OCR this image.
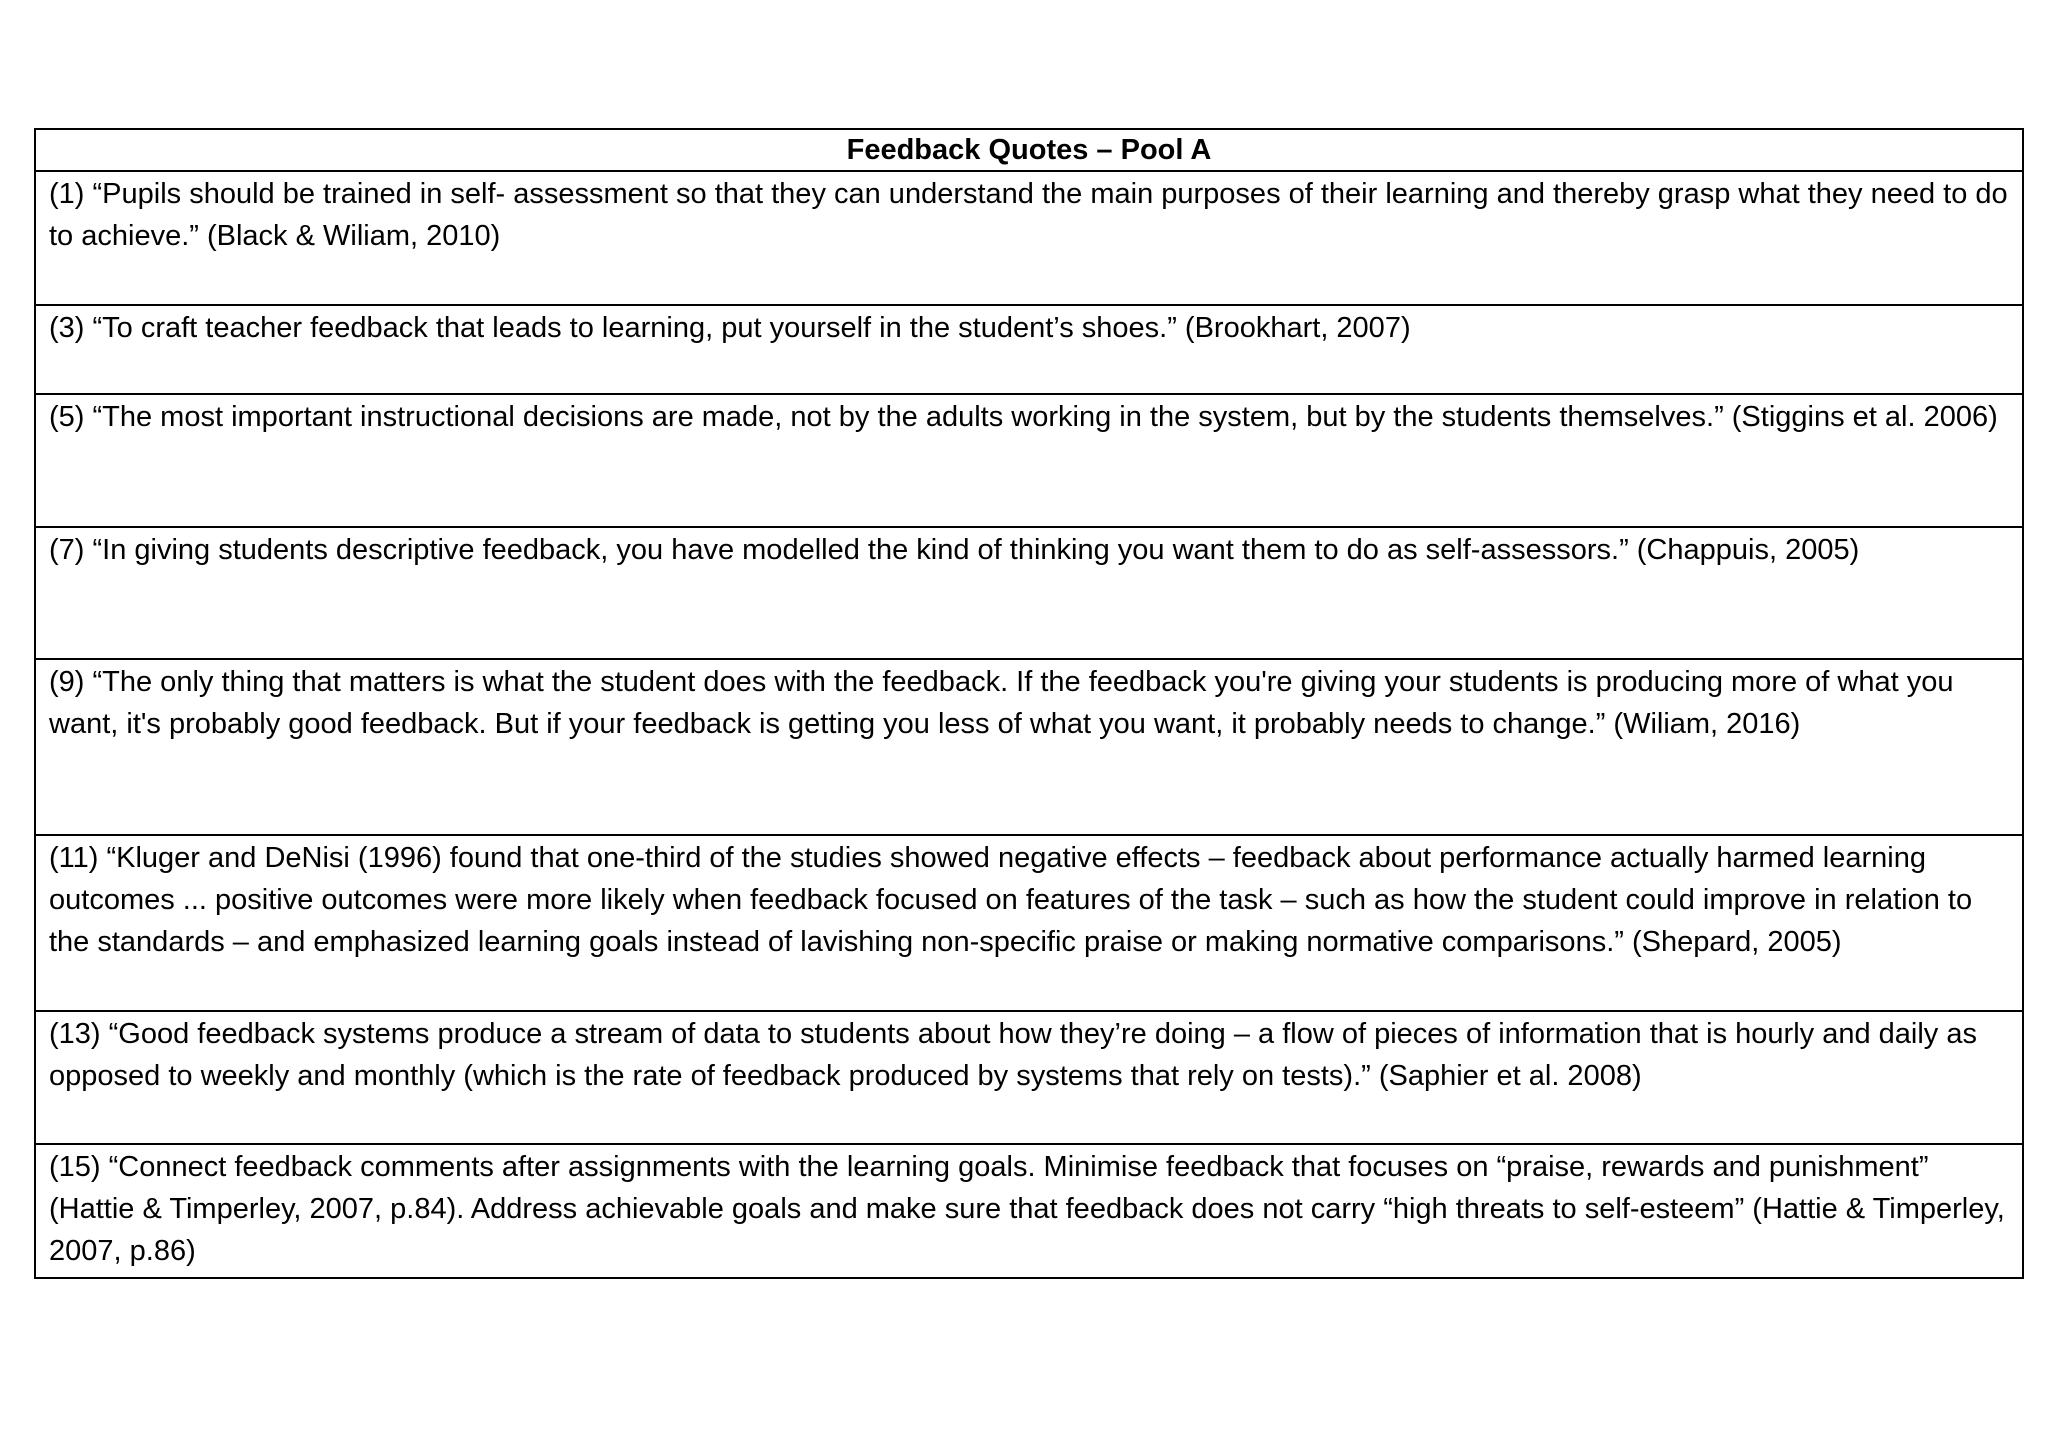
Feedback Quotes – Pool A

(1) “Pupils should be trained in self- assessment so that they can understand the main purposes of their learning and thereby grasp what they need to do to achieve.” (Black & Wiliam, 2010)

(3) “To craft teacher feedback that leads to learning, put yourself in the student’s shoes.” (Brookhart, 2007)

(5) “The most important instructional decisions are made, not by the adults working in the system, but by the students themselves.” (Stiggins et al. 2006)

(7) “In giving students descriptive feedback, you have modelled the kind of thinking you want them to do as self-assessors.” (Chappuis, 2005)

(9) “The only thing that matters is what the student does with the feedback. If the feedback you're giving your students is producing more of what you want, it's probably good feedback. But if your feedback is getting you less of what you want, it probably needs to change.” (Wiliam, 2016)

(11) “Kluger and DeNisi (1996) found that one-third of the studies showed negative effects – feedback about performance actually harmed learning outcomes ... positive outcomes were more likely when feedback focused on features of the task – such as how the student could improve in relation to the standards – and emphasized learning goals instead of lavishing non-specific praise or making normative comparisons.” (Shepard, 2005)

(13) “Good feedback systems produce a stream of data to students about how they’re doing – a flow of pieces of information that is hourly and daily as opposed to weekly and monthly (which is the rate of feedback produced by systems that rely on tests).” (Saphier et al. 2008)

(15) “Connect feedback comments after assignments with the learning goals. Minimise feedback that focuses on “praise, rewards and punishment” (Hattie & Timperley, 2007, p.84). Address achievable goals and make sure that feedback does not carry “high threats to self-esteem” (Hattie & Timperley, 2007, p.86)
